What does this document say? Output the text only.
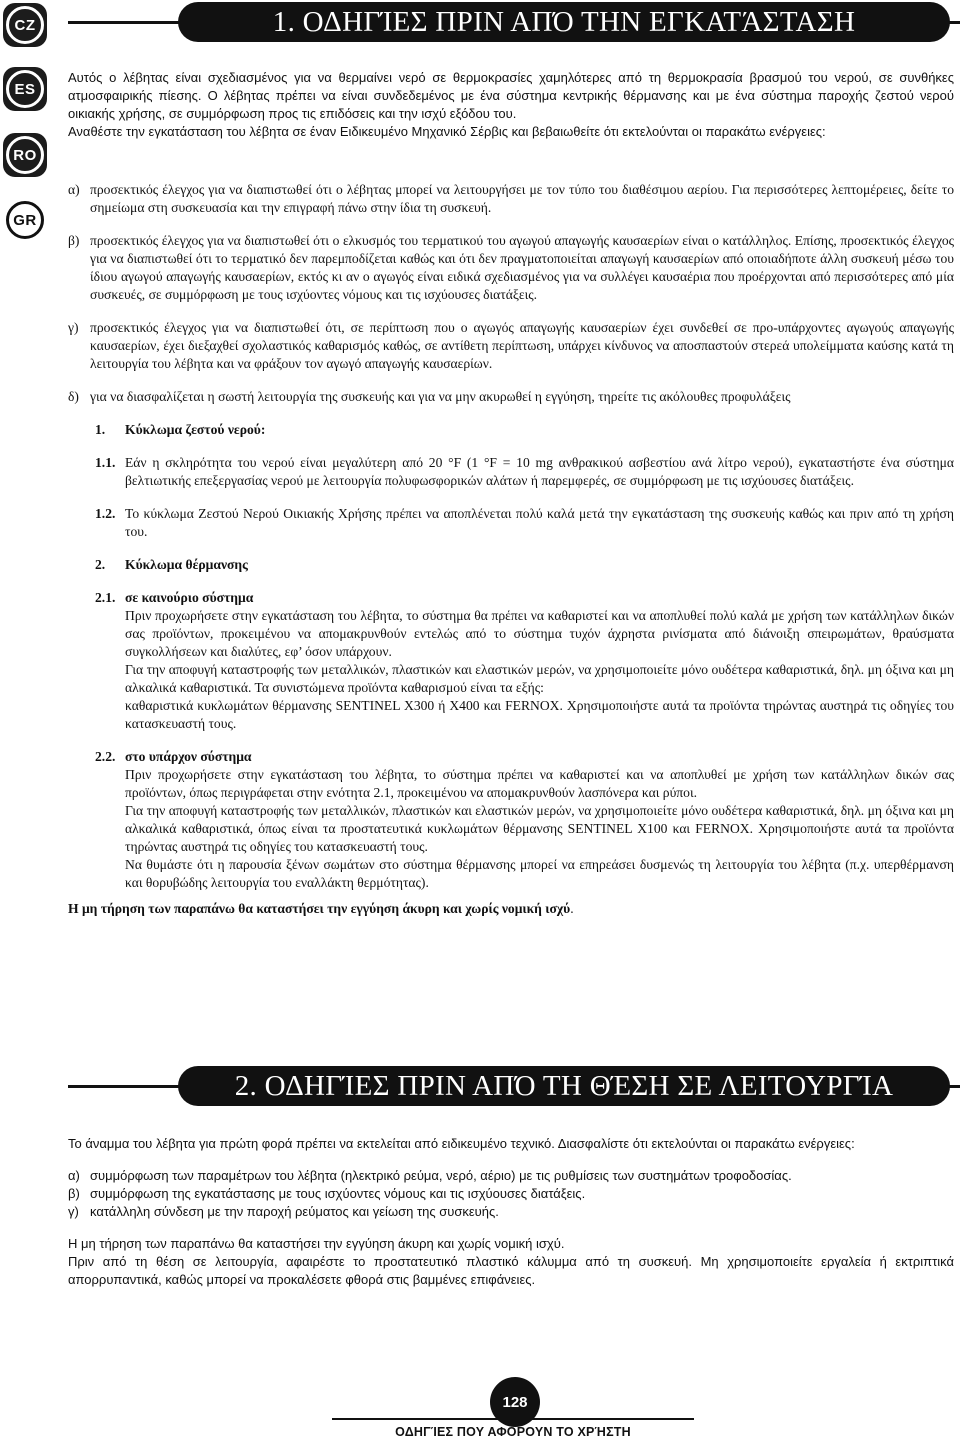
CZ
ES
RO
GR
1. ΟΔΗΓΊΕΣ ΠΡΙΝ ΑΠΌ ΤΗΝ ΕΓΚΑΤΆΣΤΑΣΗ

Αυτός ο λέβητας είναι σχεδιασμένος για να θερμαίνει νερό σε θερμοκρασίες χαμηλότερες από τη θερμοκρασία βρασμού του νερού, σε συνθήκες ατμοσφαιρικής πίεσης. Ο λέβητας πρέπει να είναι συνδεδεμένος με ένα σύστημα κεντρικής θέρμανσης και με ένα σύστημα παροχής ζεστού νερού οικιακής χρήσης, σε συμμόρφωση προς τις επιδόσεις και την ισχύ εξόδου του.

Αναθέστε την εγκατάσταση του λέβητα σε έναν Ειδικευμένο Μηχανικό Σέρβις και βεβαιωθείτε ότι εκτελούνται οι παρακάτω ενέργειες:

α) προσεκτικός έλεγχος για να διαπιστωθεί ότι ο λέβητας μπορεί να λειτουργήσει με τον τύπο του διαθέσιμου αερίου. Για περισσότερες λεπτομέρειες, δείτε το σημείωμα στη συσκευασία και την επιγραφή πάνω στην ίδια τη συσκευή.
β) προσεκτικός έλεγχος για να διαπιστωθεί ότι ο ελκυσμός του τερματικού του αγωγού απαγωγής καυσαερίων είναι ο κατάλληλος. Επίσης, προσεκτικός έλεγχος για να διαπιστωθεί ότι το τερματικό δεν παρεμποδίζεται καθώς και ότι δεν πραγματοποιείται απαγωγή καυσαερίων από οποιαδήποτε άλλη συσκευή μέσω του ίδιου αγωγού απαγωγής καυσαερίων, εκτός κι αν ο αγωγός είναι ειδικά σχεδιασμένος για να συλλέγει καυσαέρια που προέρχονται από περισσότερες από μία συσκευές, σε συμμόρφωση με τους ισχύοντες νόμους και τις ισχύουσες διατάξεις.
γ) προσεκτικός έλεγχος για να διαπιστωθεί ότι, σε περίπτωση που ο αγωγός απαγωγής καυσαερίων έχει συνδεθεί σε προ-υπάρχοντες αγωγούς απαγωγής καυσαερίων, έχει διεξαχθεί σχολαστικός καθαρισμός καθώς, σε αντίθετη περίπτωση, υπάρχει κίνδυνος να αποσπαστούν στερεά υπολείμματα καύσης κατά τη λειτουργία του λέβητα και να φράξουν τον αγωγό απαγωγής καυσαερίων.
δ) για να διασφαλίζεται η σωστή λειτουργία της συσκευής και για να μην ακυρωθεί η εγγύηση, τηρείτε τις ακόλουθες προφυλάξεις
1.	Κύκλωμα ζεστού νερού:
1.1. Εάν η σκληρότητα του νερού είναι μεγαλύτερη από 20 °F (1 °F = 10 mg ανθρακικού ασβεστίου ανά λίτρο νερού), εγκαταστήστε ένα σύστημα βελτιωτικής επεξεργασίας νερού με λειτουργία πολυφωσφορικών αλάτων ή παρεμφερές, σε συμμόρφωση με τις ισχύουσες διατάξεις.
1.2. Το κύκλωμα Ζεστού Νερού Οικιακής Χρήσης πρέπει να αποπλένεται πολύ καλά μετά την εγκατάσταση της συσκευής καθώς και πριν από τη χρήση του.
2.	Κύκλωμα θέρμανσης
2.1. σε καινούριο σύστημα
Πριν προχωρήσετε στην εγκατάσταση του λέβητα, το σύστημα θα πρέπει να καθαριστεί και να αποπλυθεί πολύ καλά με χρήση των κατάλληλων δικών σας προϊόντων, προκειμένου να απομακρυνθούν εντελώς από το σύστημα τυχόν άχρηστα ρινίσματα από διάνοιξη σπειρωμάτων, θραύσματα συγκολλήσεων και διαλύτες, εφ’ όσον υπάρχουν.
Για την αποφυγή καταστροφής των μεταλλικών, πλαστικών και ελαστικών μερών, να χρησιμοποιείτε μόνο ουδέτερα καθαριστικά, δηλ. μη όξινα και μη αλκαλικά καθαριστικά. Τα συνιστώμενα προϊόντα καθαρισμού είναι τα εξής:
καθαριστικά κυκλωμάτων θέρμανσης SENTINEL X300 ή X400 και FERNOX. Χρησιμοποιήστε αυτά τα προϊόντα τηρώντας αυστηρά τις οδηγίες του κατασκευαστή τους.
2.2. στο υπάρχον σύστημα
Πριν προχωρήσετε στην εγκατάσταση του λέβητα, το σύστημα πρέπει να καθαριστεί και να αποπλυθεί με χρήση των κατάλληλων δικών σας προϊόντων, όπως περιγράφεται στην ενότητα 2.1, προκειμένου να απομακρυνθούν λασπόνερα και ρύποι.
Για την αποφυγή καταστροφής των μεταλλικών, πλαστικών και ελαστικών μερών, να χρησιμοποιείτε μόνο ουδέτερα καθαριστικά, δηλ. μη όξινα και μη αλκαλικά καθαριστικά, όπως είναι τα προστατευτικά κυκλωμάτων θέρμανσης SENTINEL X100 και FERNOX. Χρησιμοποιήστε αυτά τα προϊόντα τηρώντας αυστηρά τις οδηγίες του κατασκευαστή τους.
Να θυμάστε ότι η παρουσία ξένων σωμάτων στο σύστημα θέρμανσης μπορεί να επηρεάσει δυσμενώς τη λειτουργία του λέβητα (π.χ. υπερθέρμανση και θορυβώδης λειτουργία του εναλλάκτη θερμότητας).

Η μη τήρηση των παραπάνω θα καταστήσει την εγγύηση άκυρη και χωρίς νομική ισχύ.

2. ΟΔΗΓΊΕΣ ΠΡΙΝ ΑΠΌ ΤΗ ΘΈΣΗ ΣΕ ΛΕΙΤΟΥΡΓΊΑ

Το άναμμα του λέβητα για πρώτη φορά πρέπει να εκτελείται από ειδικευμένο τεχνικό. Διασφαλίστε ότι εκτελούνται οι παρακάτω ενέργειες:

α) συμμόρφωση των παραμέτρων του λέβητα (ηλεκτρικό ρεύμα, νερό, αέριο) με τις ρυθμίσεις των συστημάτων τροφοδοσίας.
β) συμμόρφωση της εγκατάστασης με τους ισχύοντες νόμους και τις ισχύουσες διατάξεις.
γ) κατάλληλη σύνδεση με την παροχή ρεύματος και γείωση της συσκευής.

Η μη τήρηση των παραπάνω θα καταστήσει την εγγύηση άκυρη και χωρίς νομική ισχύ.

Πριν από τη θέση σε λειτουργία, αφαιρέστε το προστατευτικό πλαστικό κάλυμμα από τη συσκευή. Μη χρησιμοποιείτε εργαλεία ή εκτριπτικά απορρυπαντικά, καθώς μπορεί να προκαλέσετε φθορά στις βαμμένες επιφάνειες.

128
ΟΔΗΓΊΕΣ ΠΟΥ ΑΦΟΡΟΥΝ ΤΟ ΧΡΉΣΤΗ
